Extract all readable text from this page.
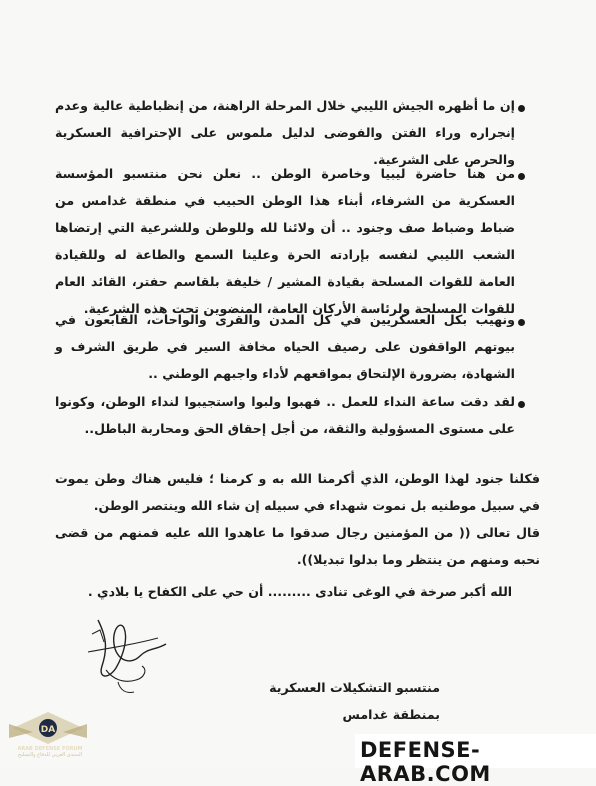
إن ما أظهره الجيش الليبي خلال المرحلة الراهنة، من إنظباطية عالية وعدم إنجراره وراء الفتن والفوضى لدليل ملموس على الإحترافية العسكرية والحرص على الشرعية.
من هنا حاضرة ليبيا وخاصرة الوطن .. نعلن نحن منتسبو المؤسسة العسكرية من الشرفاء، أبناء هذا الوطن الحبيب في منطقة غدامس من ضباط وضباط صف وجنود .. أن ولائنا لله وللوطن وللشرعية التي إرتضاها الشعب الليبي لنفسه بإرادته الحرة وعلينا السمع والطاعة له وللقيادة العامة للقوات المسلحة بقيادة المشير / خليفة بلقاسم حفتر، القائد العام للقوات المسلحة ولرئاسة الأركان العامة، المنضوين تحت هذه الشرعية.
ونهيب بكل العسكريين في كل المدن والقرى والواحات، القابعون في بيوتهم الواقفون على رصيف الحياه مخافة السير في طريق الشرف و الشهادة، بضرورة الإلتحاق بمواقعهم لأداء واجبهم الوطني ..
لقد دقت ساعة النداء للعمل .. فهبوا ولبوا واستجيبوا لنداء الوطن، وكونوا على مستوى المسؤولية والثقة، من أجل إحقاق الحق ومحاربة الباطل..
فكلنا جنود لهذا الوطن، الذي أكرمنا الله به و كرمنا ؛ فليس هناك وطن يموت في سبيل موطنيه بل نموت شهداء في سبيله إن شاء الله وينتصر الوطن.
قال تعالى (( من المؤمنين رجال صدقوا ما عاهدوا الله عليه فمنهم من قضى نحبه ومنهم من ينتظر وما بدلوا تبديلا)).
الله أكبر صرخة في الوغى تنادى ......... أن حي على الكفاح يا بلادي .
منتسبو التشكيلات العسكرية
بمنطقة غدامس
DA
ARAB DEFENSE FORUM
المنتدى العربي للدفاع والتسليح	DEFENSE-ARAB.COM
